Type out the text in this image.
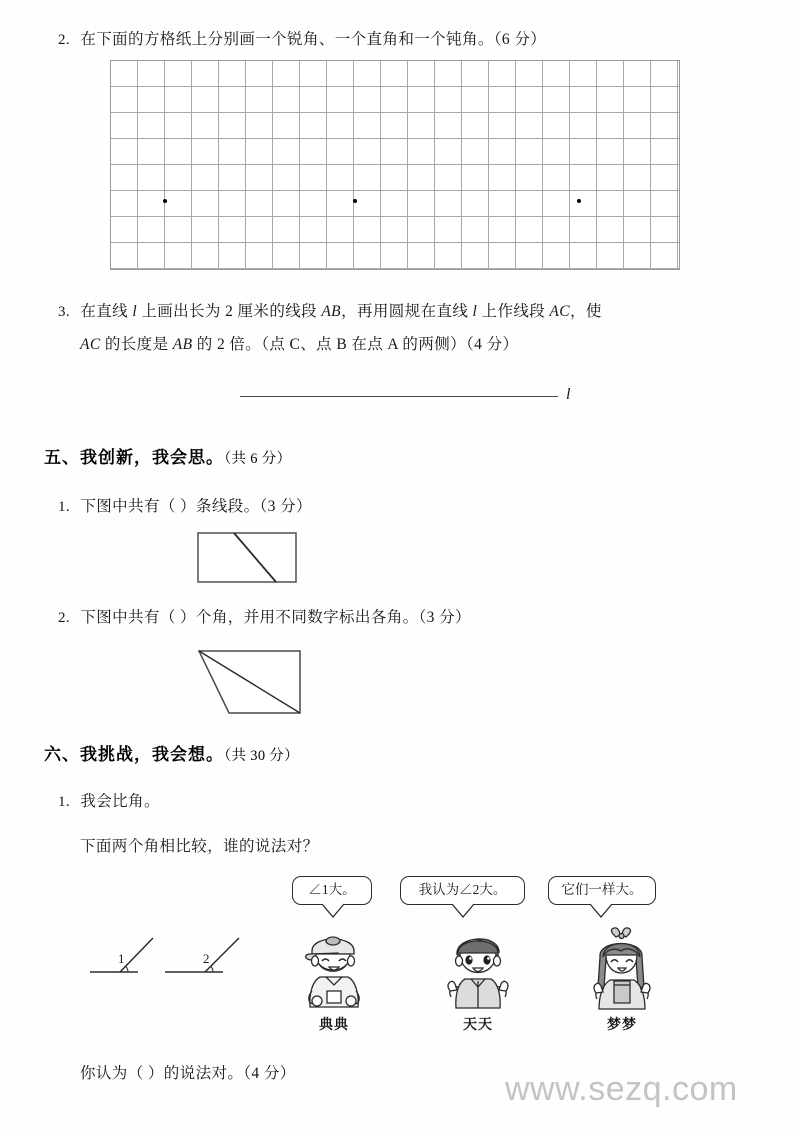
2. 在下面的方格纸上分别画一个锐角、一个直角和一个钝角。（6 分）
3. 在直线 l 上画出长为 2 厘米的线段 AB，再用圆规在直线 l 上作线段 AC，使
AC 的长度是 AB 的 2 倍。（点 C、点 B 在点 A 的两侧）（4 分）
l
五、我创新，我会思。（共 6 分）
1. 下图中共有（ ）条线段。（3 分）
2. 下图中共有（ ）个角，并用不同数字标出各角。（3 分）
六、我挑战，我会想。（共 30 分）
1. 我会比角。
下面两个角相比较，谁的说法对？
1	2
∠1大。	我认为∠2大。	它们一样大。
典典	天天	梦梦
你认为（ ）的说法对。（4 分）	www.sezq.com
